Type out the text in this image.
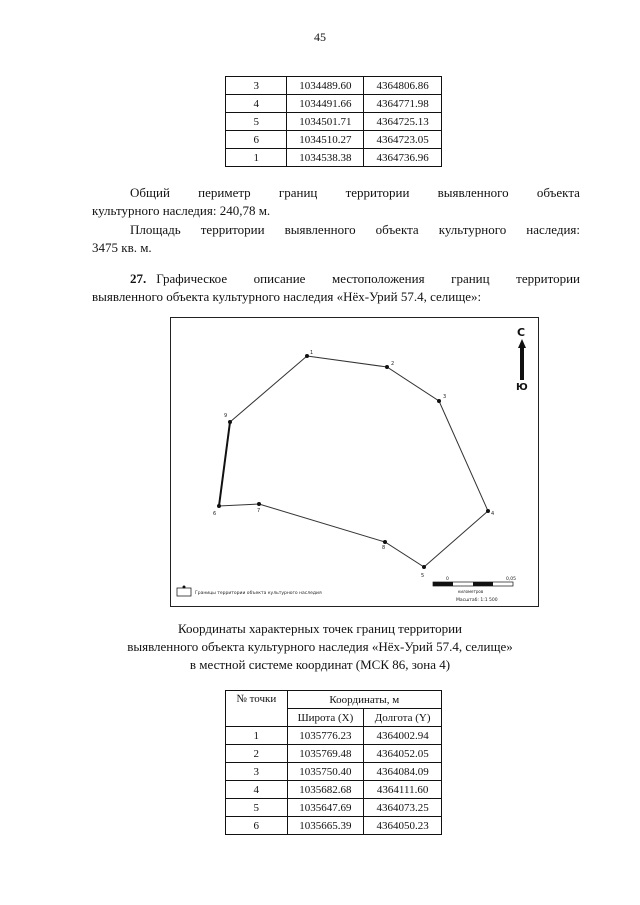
45
3	1034489.60	4364806.86
4	1034491.66	4364771.98
5	1034501.71	4364725.13
6	1034510.27	4364723.05
1	1034538.38	4364736.96
Общий периметр границ территории выявленного объекта
культурного наследия: 240,78 м.
Площадь территории выявленного объекта культурного наследия:
3475 кв. м.
27. Графическое описание местоположения границ территории
выявленного объекта культурного наследия «Нёх-Урий 57.4, селище»:
1
2
3
4
5
6	7
8
9
С
Ю
Границы территории объекта культурного наследия
0	0,05
километров
Масштаб: 1:1 500
Координаты характерных точек границ территории
выявленного объекта культурного наследия «Нёх-Урий 57.4, селище»
в местной системе координат (МСК 86, зона 4)
№ точки	Координаты, м	
	Широта (X)	Долгота (Y)
1	1035776.23	4364002.94
2	1035769.48	4364052.05
3	1035750.40	4364084.09
4	1035682.68	4364111.60
5	1035647.69	4364073.25
6	1035665.39	4364050.23
